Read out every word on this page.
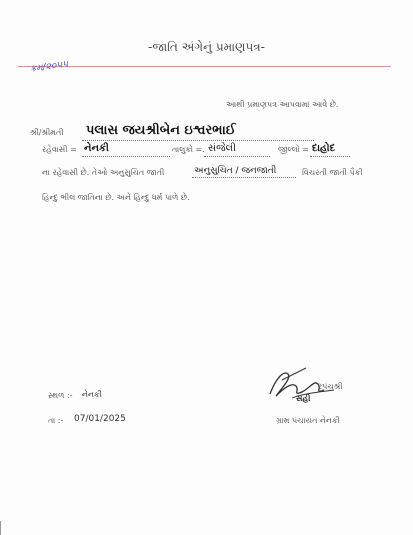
-જાતિ અંગેનું પ્રમાણપત્ર-
ક્રમ/૨૦૫૫
આથી પ્રમાણપત્ર આપવામાં આવે છે.
શ્રી/શ્રીમતી પલાસ જયશ્રીબેન ઇશ્વરભાઈ
રહેવાસી = નેનકી	તાલુકો =. સંજેલી	જીલ્લો = દાહોદ
ના રહેવાસી છે. તેઓ અનુસુચિત જાતી	અનુસુચિત / જનજાતી	વિચરતી જાતી પૈકી
હિન્દુ ભીલ જાતિના છે. અને હિન્દુ ધર્મ પાળે છે.
રપંચશ્રી
સહી
સ્થળ :- નેનકી
તા :- 07/01/2025	ગ્રામ પંચાયત નેનકી
